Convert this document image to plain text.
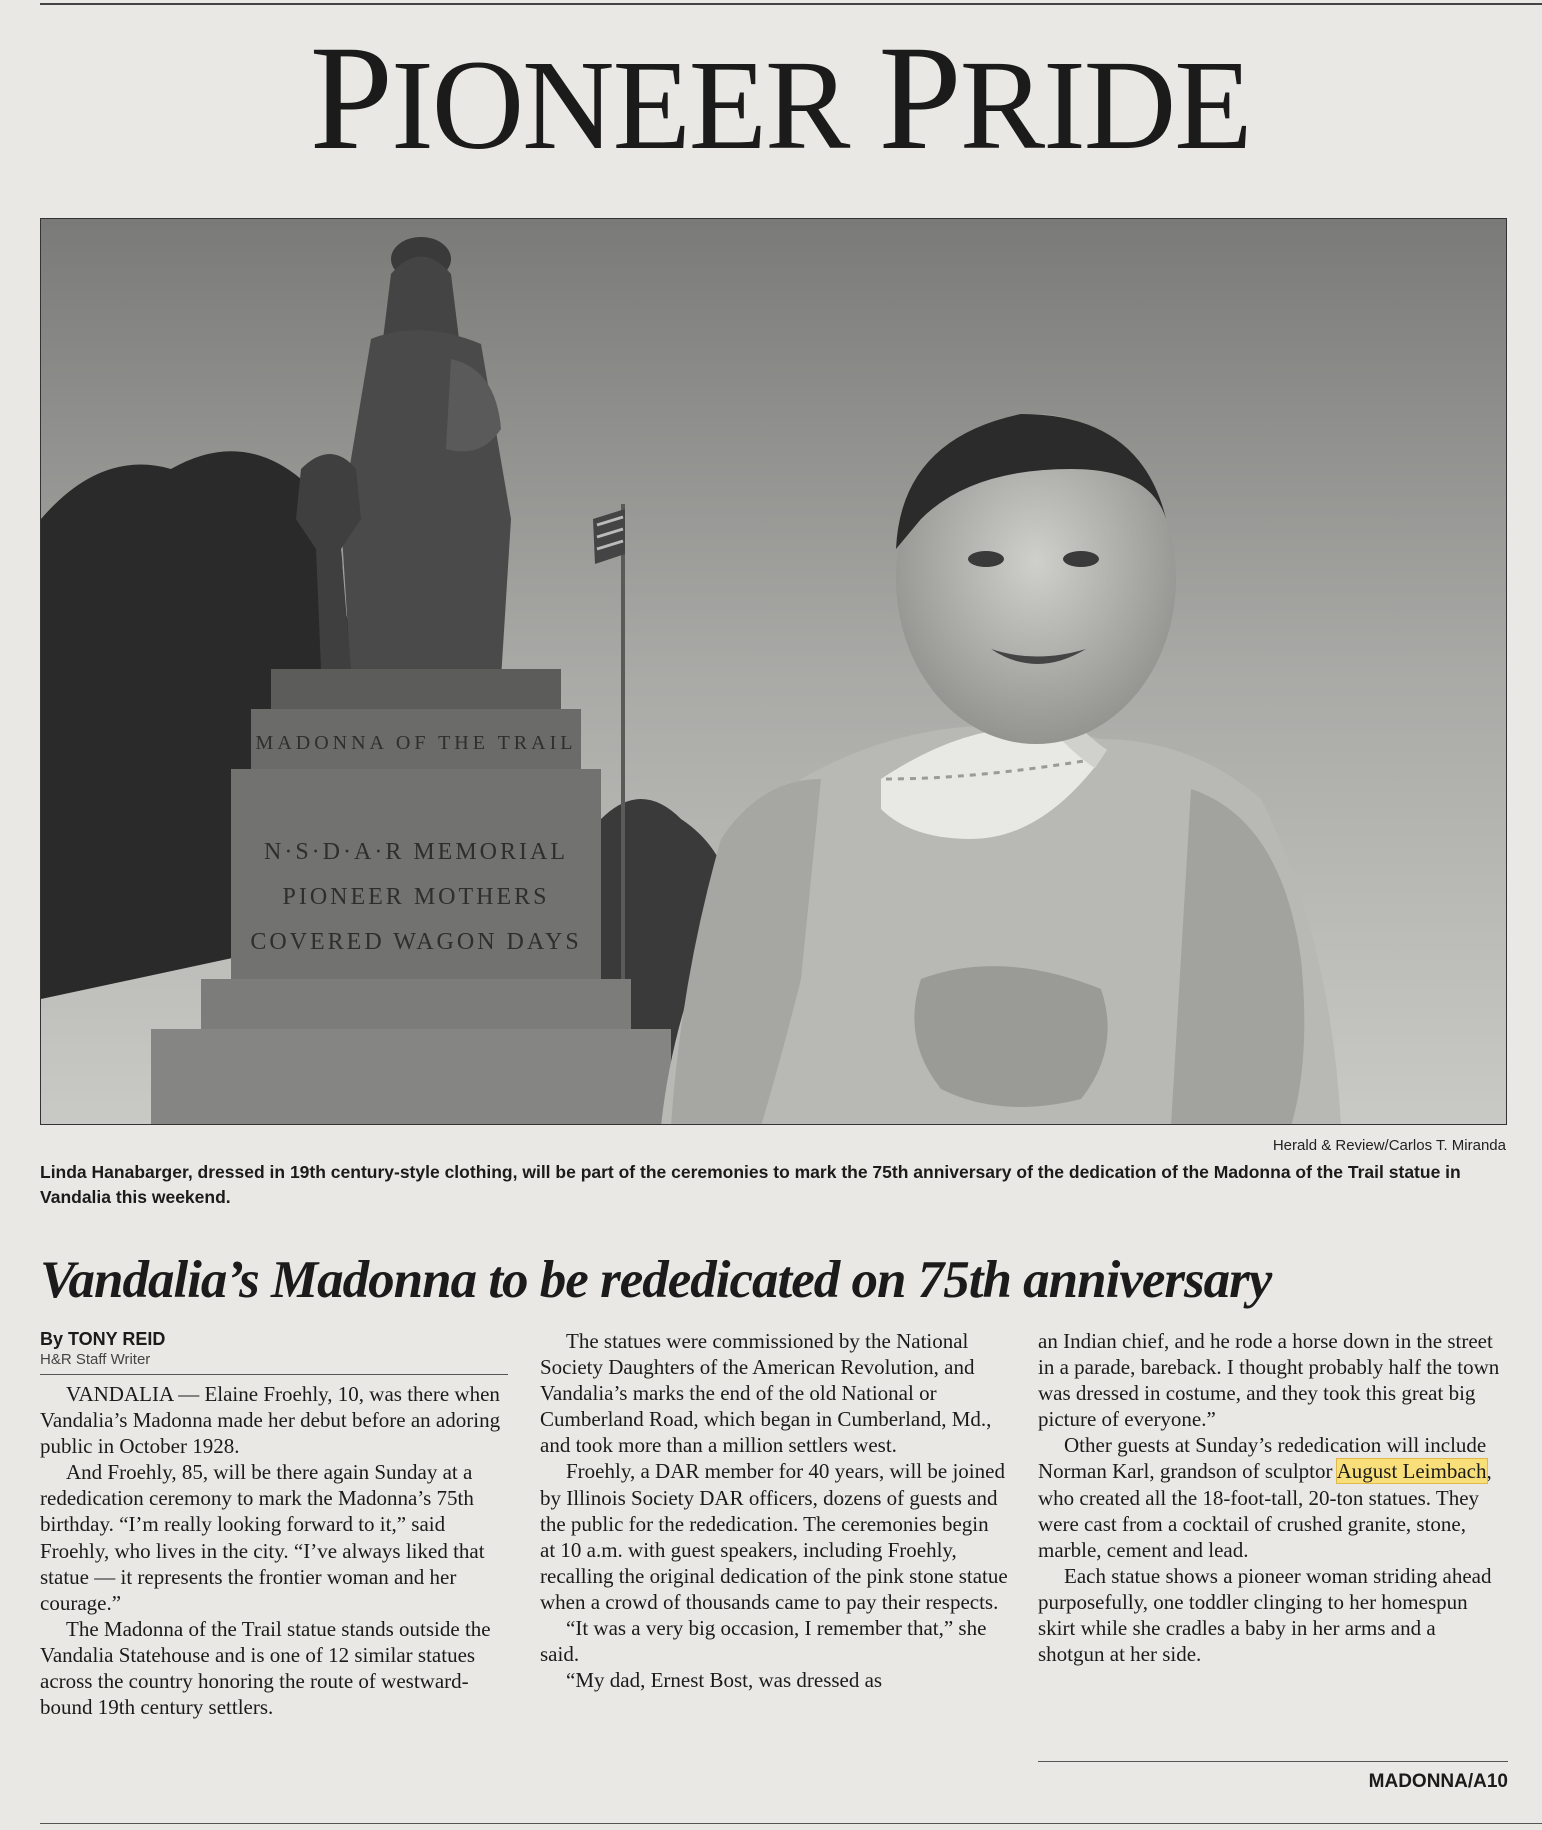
PIONEER PRIDE
MADONNA OF THE TRAIL
N·S·D·A·R MEMORIAL
PIONEER MOTHERS
COVERED WAGON DAYS
Herald & Review/Carlos T. Miranda

Linda Hanabarger, dressed in 19th century-style clothing, will be part of the ceremonies to mark the 75th anniversary of the dedication of the Madonna of the Trail statue in Vandalia this weekend.

Vandalia’s Madonna to be rededicated on 75th anniversary
By TONY REID
H&R Staff Writer

VANDALIA — Elaine Froehly, 10, was there when Vandalia’s Madonna made her debut before an adoring public in October 1928.

And Froehly, 85, will be there again Sunday at a rededication ceremony to mark the Madonna’s 75th birthday. “I’m really looking forward to it,” said Froehly, who lives in the city. “I’ve always liked that statue — it represents the frontier woman and her courage.”

The Madonna of the Trail statue stands outside the Vandalia Statehouse and is one of 12 similar statues across the country honoring the route of westward-bound 19th century settlers.

The statues were commissioned by the National Society Daughters of the American Revolution, and Vandalia’s marks the end of the old National or Cumberland Road, which began in Cumberland, Md., and took more than a million settlers west.

Froehly, a DAR member for 40 years, will be joined by Illinois Society DAR officers, dozens of guests and the public for the rededication. The ceremonies begin at 10 a.m. with guest speakers, including Froehly, recalling the original dedication of the pink stone statue when a crowd of thousands came to pay their respects.

“It was a very big occasion, I remember that,” she said.

“My dad, Ernest Bost, was dressed as

an Indian chief, and he rode a horse down in the street in a parade, bareback. I thought probably half the town was dressed in costume, and they took this great big picture of everyone.”

Other guests at Sunday’s rededication will include Norman Karl, grandson of sculptor August Leimbach, who created all the 18-foot-tall, 20-ton statues. They were cast from a cocktail of crushed granite, stone, marble, cement and lead.

Each statue shows a pioneer woman striding ahead purposefully, one toddler clinging to her homespun skirt while she cradles a baby in her arms and a shotgun at her side.

MADONNA/A10
